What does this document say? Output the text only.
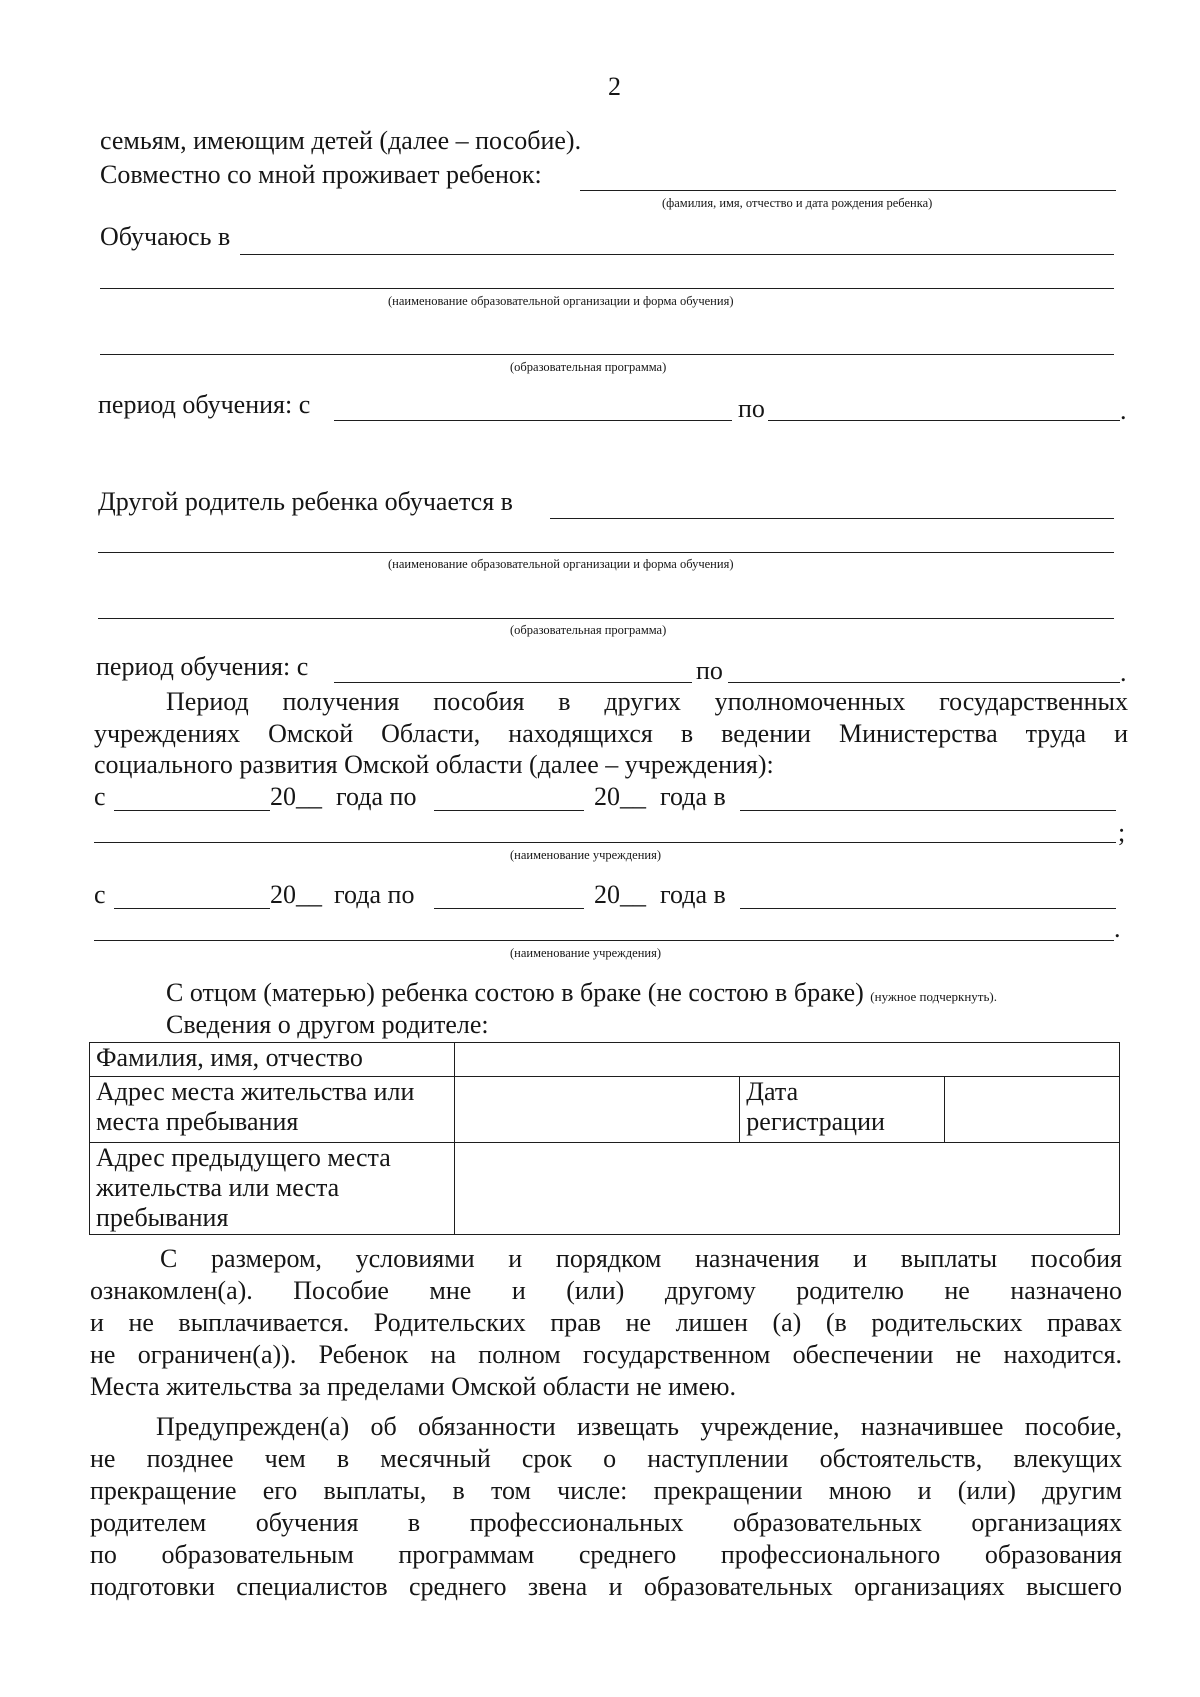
2
семьям, имеющим детей (далее – пособие).
Совместно со мной проживает ребенок:
(фамилия, имя, отчество и дата рождения ребенка)
Обучаюсь в
(наименование образовательной организации и форма обучения)
(образовательная программа)
период обучения: с	по	.
Другой родитель ребенка обучается в
(наименование образовательной организации и форма обучения)
(образовательная программа)
период обучения: с	по	.
Период получения пособия в других уполномоченных государственных
учреждениях Омской Области, находящихся в ведении Министерства труда и
социального развития Омской области (далее – учреждения):
с	20__ года по	20__ года в
;
(наименование учреждения)
с	20__ года по	20__ года в
.
(наименование учреждения)
С отцом (матерью) ребенка состою в браке (не состою в браке) (нужное подчеркнуть).
Сведения о другом родителе:
Фамилия, имя, отчество			
Адрес места жительства или места пребывания		Дата регистрации	
Адрес предыдущего места жительства или места пребывания			
С размером, условиями и порядком назначения и выплаты пособия
ознакомлен(а). Пособие мне и (или) другому родителю не назначено
и не выплачивается. Родительских прав не лишен (а) (в родительских правах
не ограничен(а)). Ребенок на полном государственном обеспечении не находится.
Места жительства за пределами Омской области не имею.
Предупрежден(а) об обязанности извещать учреждение, назначившее пособие,
не позднее чем в месячный срок о наступлении обстоятельств, влекущих
прекращение его выплаты, в том числе: прекращении мною и (или) другим
родителем обучения в профессиональных образовательных организациях
по образовательным программам среднего профессионального образования
подготовки специалистов среднего звена и образовательных организациях высшего
